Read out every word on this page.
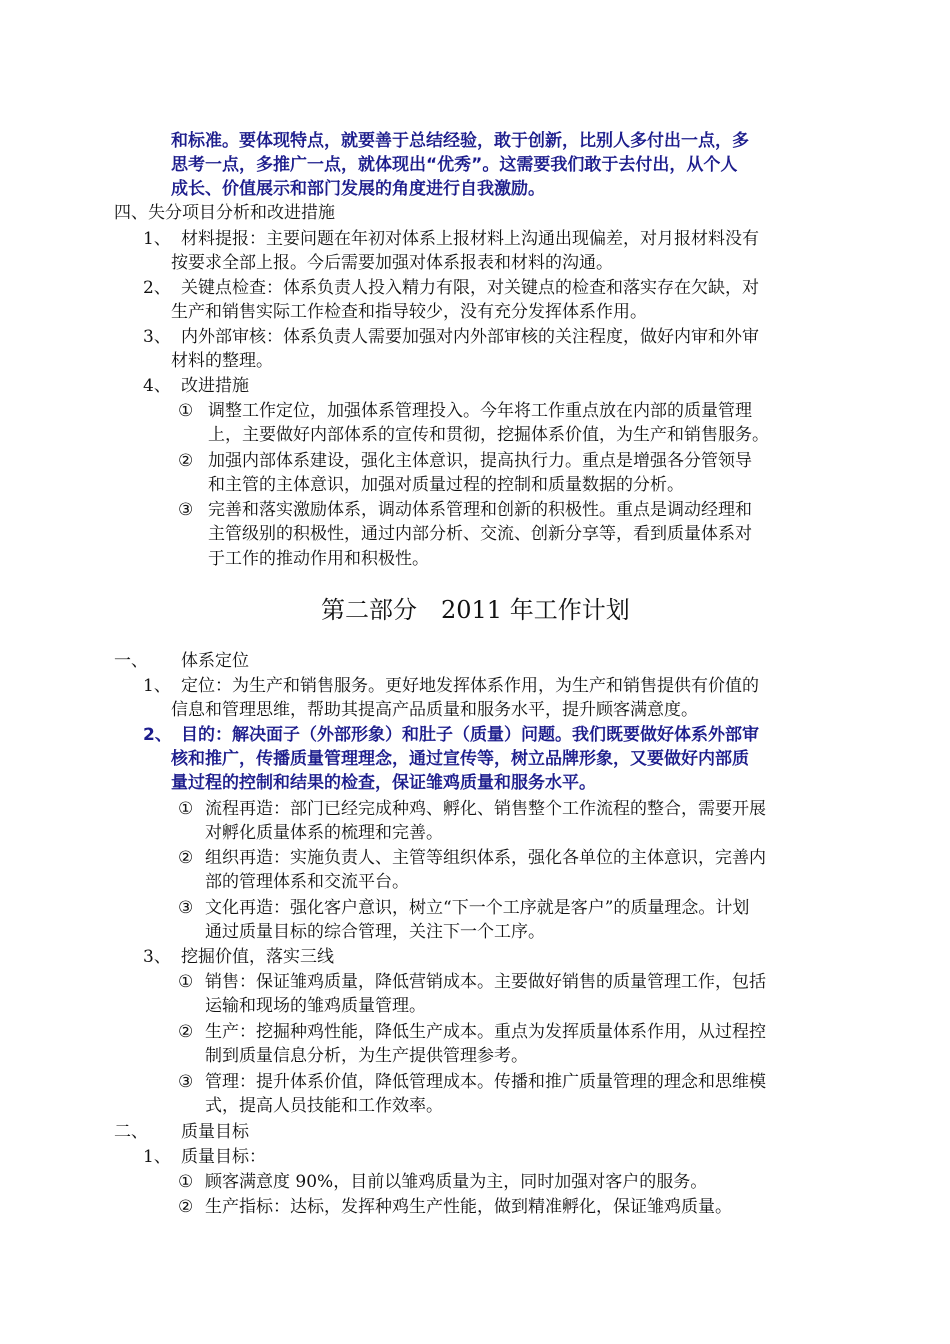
和标准。要体现特点，就要善于总结经验，敢于创新，比别人多付出一点，多
思考一点，多推广一点，就体现出“优秀”。这需要我们敢于去付出，从个人
成长、价值展示和部门发展的角度进行自我激励。
四、失分项目分析和改进措施
1、 材料提报：主要问题在年初对体系上报材料上沟通出现偏差，对月报材料没有
按要求全部上报。今后需要加强对体系报表和材料的沟通。
2、 关键点检查：体系负责人投入精力有限，对关键点的检查和落实存在欠缺，对
生产和销售实际工作检查和指导较少，没有充分发挥体系作用。
3、 内外部审核：体系负责人需要加强对内外部审核的关注程度，做好内审和外审
材料的整理。
4、 改进措施
① 调整工作定位，加强体系管理投入。今年将工作重点放在内部的质量管理
上，主要做好内部体系的宣传和贯彻，挖掘体系价值，为生产和销售服务。
② 加强内部体系建设，强化主体意识，提高执行力。重点是增强各分管领导
和主管的主体意识，加强对质量过程的控制和质量数据的分析。
③ 完善和落实激励体系，调动体系管理和创新的积极性。重点是调动经理和
主管级别的积极性，通过内部分析、交流、创新分享等，看到质量体系对
于工作的推动作用和积极性。
第二部分　2011 年工作计划
一、 体系定位
1、 定位：为生产和销售服务。更好地发挥体系作用，为生产和销售提供有价值的
信息和管理思维，帮助其提高产品质量和服务水平，提升顾客满意度。
2、 目的：解决面子（外部形象）和肚子（质量）问题。我们既要做好体系外部审
核和推广，传播质量管理理念，通过宣传等，树立品牌形象，又要做好内部质
量过程的控制和结果的检查，保证雏鸡质量和服务水平。
① 流程再造：部门已经完成种鸡、孵化、销售整个工作流程的整合，需要开展
对孵化质量体系的梳理和完善。
② 组织再造：实施负责人、主管等组织体系，强化各单位的主体意识，完善内
部的管理体系和交流平台。
③ 文化再造：强化客户意识，树立“下一个工序就是客户”的质量理念。计划
通过质量目标的综合管理，关注下一个工序。
3、 挖掘价值，落实三线
① 销售：保证雏鸡质量，降低营销成本。主要做好销售的质量管理工作，包括
运输和现场的雏鸡质量管理。
② 生产：挖掘种鸡性能，降低生产成本。重点为发挥质量体系作用，从过程控
制到质量信息分析，为生产提供管理参考。
③ 管理：提升体系价值，降低管理成本。传播和推广质量管理的理念和思维模
式，提高人员技能和工作效率。
二、 质量目标
1、 质量目标：
① 顾客满意度 90%，目前以雏鸡质量为主，同时加强对客户的服务。
② 生产指标：达标，发挥种鸡生产性能，做到精准孵化，保证雏鸡质量。
